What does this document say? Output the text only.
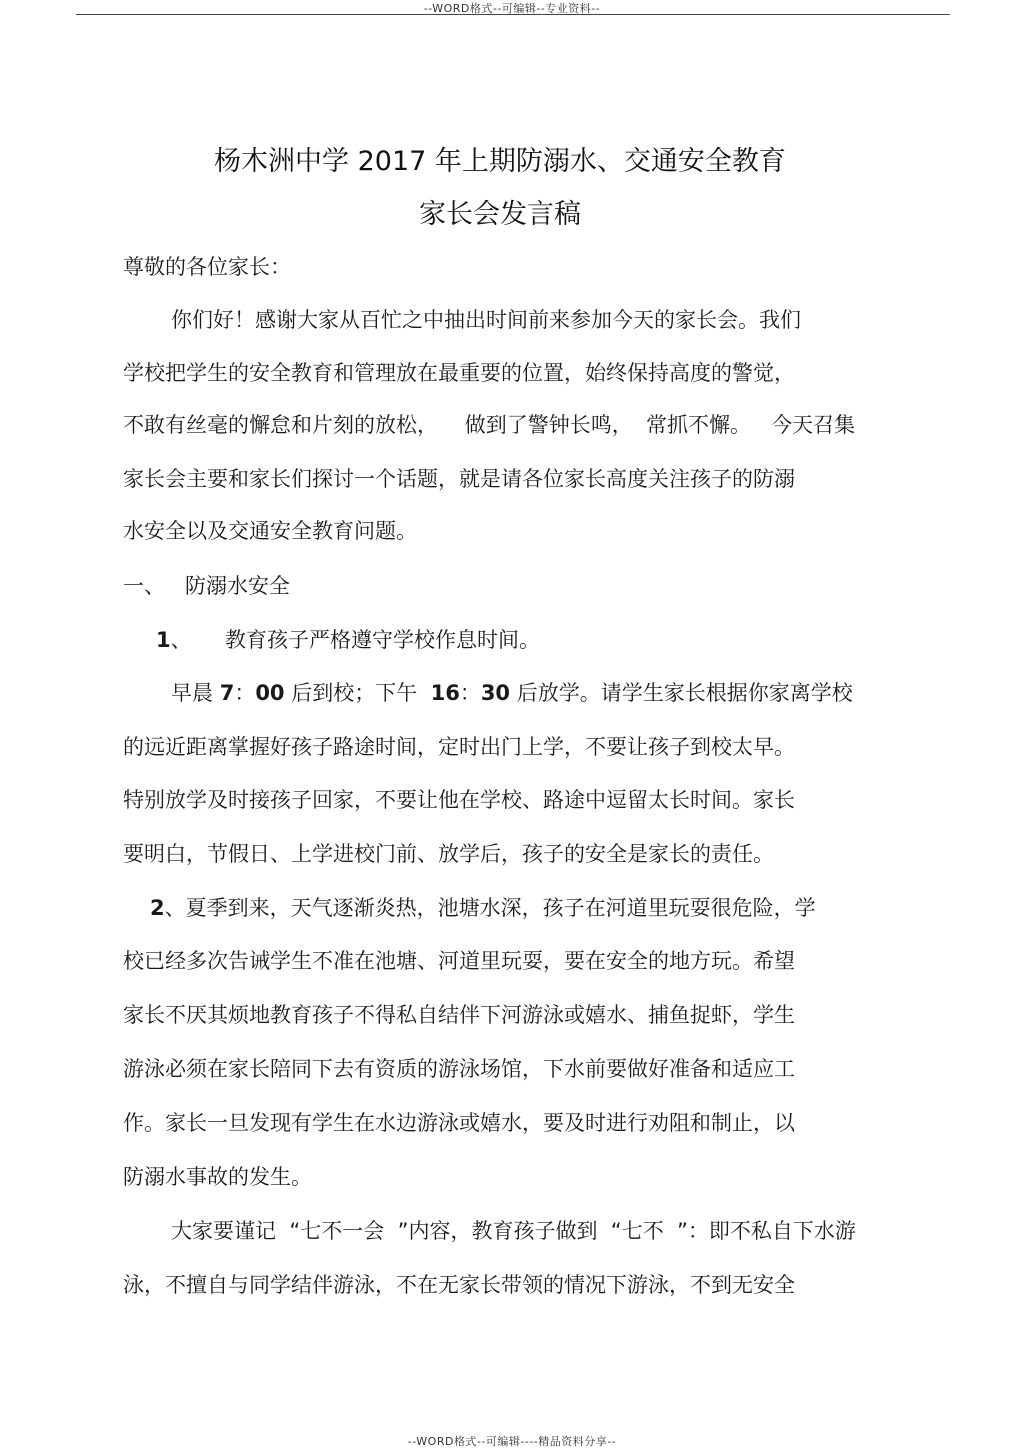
--WORD格式--可编辑--专业资料--
杨木洲中学 2017 年上期防溺水、交通安全教育
家长会发言稿
尊敬的各位家长：
你们好！感谢大家从百忙之中抽出时间前来参加今天的家长会。我们
学校把学生的安全教育和管理放在最重要的位置，始终保持高度的警觉，
不敢有丝毫的懈怠和片刻的放松，    做到了警钟长鸣，  常抓不懈。   今天召集
家长会主要和家长们探讨一个话题，就是请各位家长高度关注孩子的防溺
水安全以及交通安全教育问题。
一、   防溺水安全
1、     教育孩子严格遵守学校作息时间。
早晨 7：00 后到校；下午  16：30 后放学。请学生家长根据你家离学校
的远近距离掌握好孩子路途时间，定时出门上学，不要让孩子到校太早。
特别放学及时接孩子回家，不要让他在学校、路途中逗留太长时间。家长
要明白，节假日、上学进校门前、放学后，孩子的安全是家长的责任。
2、夏季到来，天气逐渐炎热，池塘水深，孩子在河道里玩耍很危险，学
校已经多次告诫学生不准在池塘、河道里玩耍，要在安全的地方玩。希望
家长不厌其烦地教育孩子不得私自结伴下河游泳或嬉水、捕鱼捉虾，学生
游泳必须在家长陪同下去有资质的游泳场馆，下水前要做好准备和适应工
作。家长一旦发现有学生在水边游泳或嬉水，要及时进行劝阻和制止，以
防溺水事故的发生。
大家要谨记  “七不一会  ”内容，教育孩子做到  “七不  ”：即不私自下水游
泳，不擅自与同学结伴游泳，不在无家长带领的情况下游泳，不到无安全
--WORD格式--可编辑----精品资料分享--
